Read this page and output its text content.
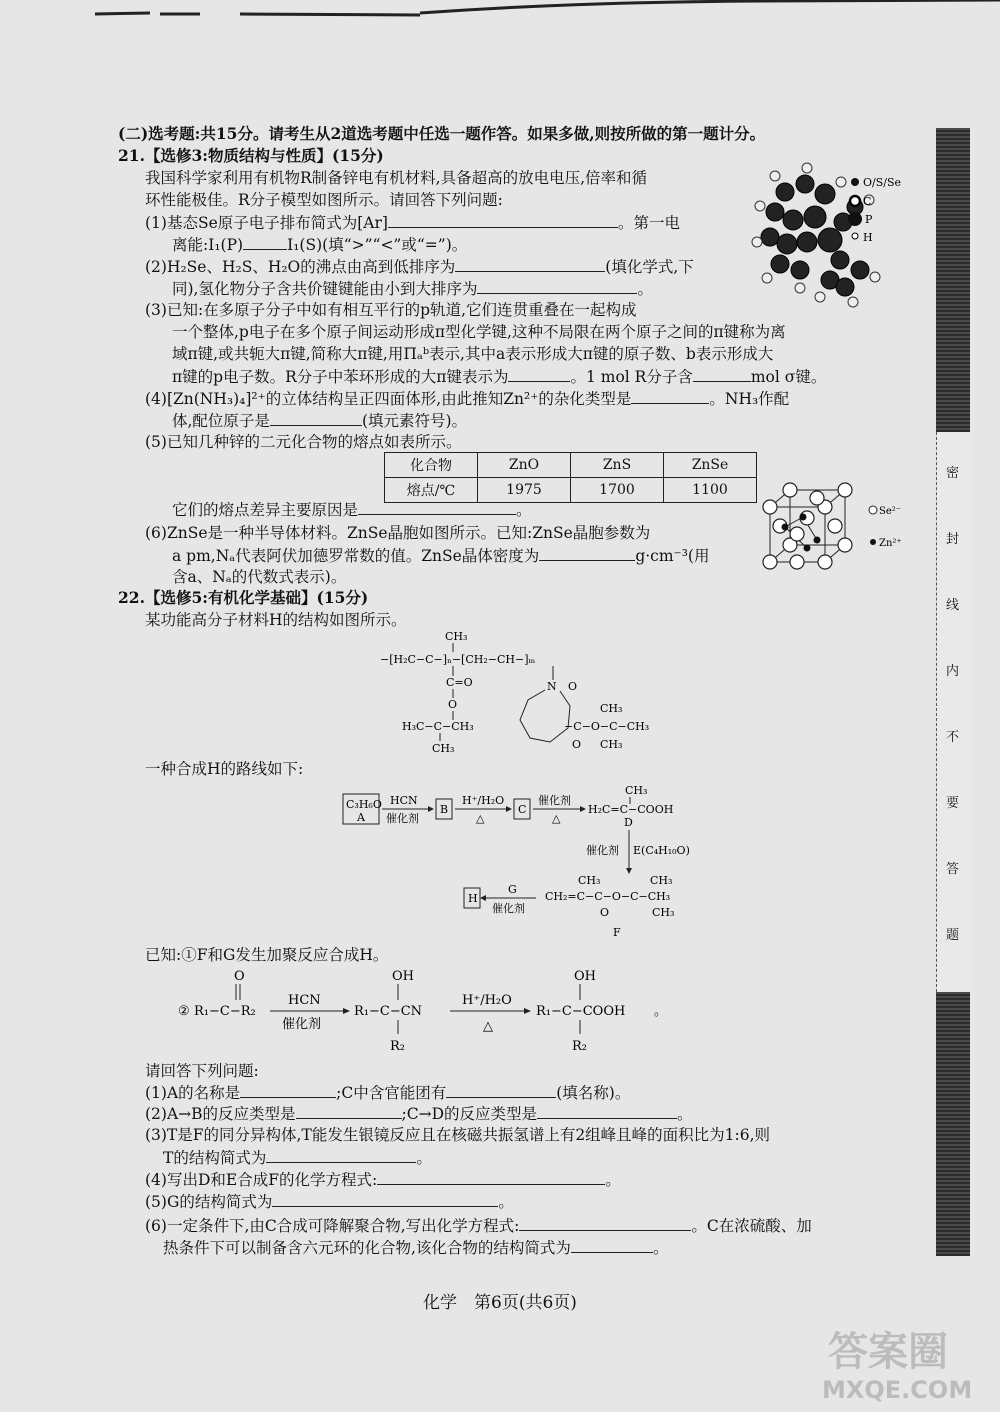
密
封
线
内
不
要
答
题
(二)选考题:共15分。请考生从2道选考题中任选一题作答。如果多做,则按所做的第一题计分。
21.【选修3:物质结构与性质】(15分)
我国科学家利用有机物R制备锌电有机材料,具备超高的放电电压,倍率和循
环性能极佳。R分子模型如图所示。请回答下列问题:
(1)基态Se原子电子排布简式为[Ar]	。第一电
离能:I₁(P)	I₁(S)(填“>”“<”或“=”)。
(2)H₂Se、H₂S、H₂O的沸点由高到低排序为	(填化学式,下
同),氢化物分子含共价键键能由小到大排序为	。
(3)已知:在多原子分子中如有相互平行的p轨道,它们连贯重叠在一起构成
一个整体,p电子在多个原子间运动形成π型化学键,这种不局限在两个原子之间的π键称为离
域π键,或共轭大π键,简称大π键,用Πₐᵇ表示,其中a表示形成大π键的原子数、b表示形成大
π键的p电子数。R分子中苯环形成的大π键表示为	。1 mol R分子含	mol σ键。
(4)[Zn(NH₃)₄]²⁺的立体结构呈正四面体形,由此推知Zn²⁺的杂化类型是	。NH₃作配
体,配位原子是	(填元素符号)。
(5)已知几种锌的二元化合物的熔点如表所示。
化合物	ZnO	ZnS	ZnSe
熔点/℃	1975	1700	1100
它们的熔点差异主要原因是	。
(6)ZnSe是一种半导体材料。ZnSe晶胞如图所示。已知:ZnSe晶胞参数为
a pm,Nₐ代表阿伏加德罗常数的值。ZnSe晶体密度为	g·cm⁻³(用
含a、Nₐ的代数式表示)。
O/S/Se
C
P
H
Se²⁻
Zn²⁺
22.【选修5:有机化学基础】(15分)
某功能高分子材料H的结构如图所示。
CH₃
−[H₂C−C−]ₙ−[CH₂−CH−]ₘ
C=O
O
H₃C−C−CH₃
CH₃
N O
−C−O−C−CH₃
CH₃
CH₃
O
一种合成H的路线如下:
C₃H₆O
A
HCN
催化剂
B
H⁺/H₂O
△
C
催化剂
△
CH₃
H₂C=C−COOH
D
催化剂 E(C₄H₁₀O)
CH₃	CH₃
CH₂=C−C−O−C−CH₃
CH₃
O
F
H
G
催化剂
已知:①F和G发生加聚反应合成H。
② R₁−C−R₂
O
HCN
催化剂
R₁−C−CN
OH
R₂
H⁺/H₂O
△
R₁−C−COOH
OH
R₂
。
请回答下列问题:
(1)A的名称是	;C中含官能团有	(填名称)。
(2)A→B的反应类型是	;C→D的反应类型是	。
(3)T是F的同分异构体,T能发生银镜反应且在核磁共振氢谱上有2组峰且峰的面积比为1:6,则
T的结构简式为	。
(4)写出D和E合成F的化学方程式:	。
(5)G的结构简式为	。
(6)一定条件下,由C合成可降解聚合物,写出化学方程式:	。C在浓硫酸、加
热条件下可以制备含六元环的化合物,该化合物的结构简式为	。
化学　第6页(共6页)
答案圈
MXQE.COM
